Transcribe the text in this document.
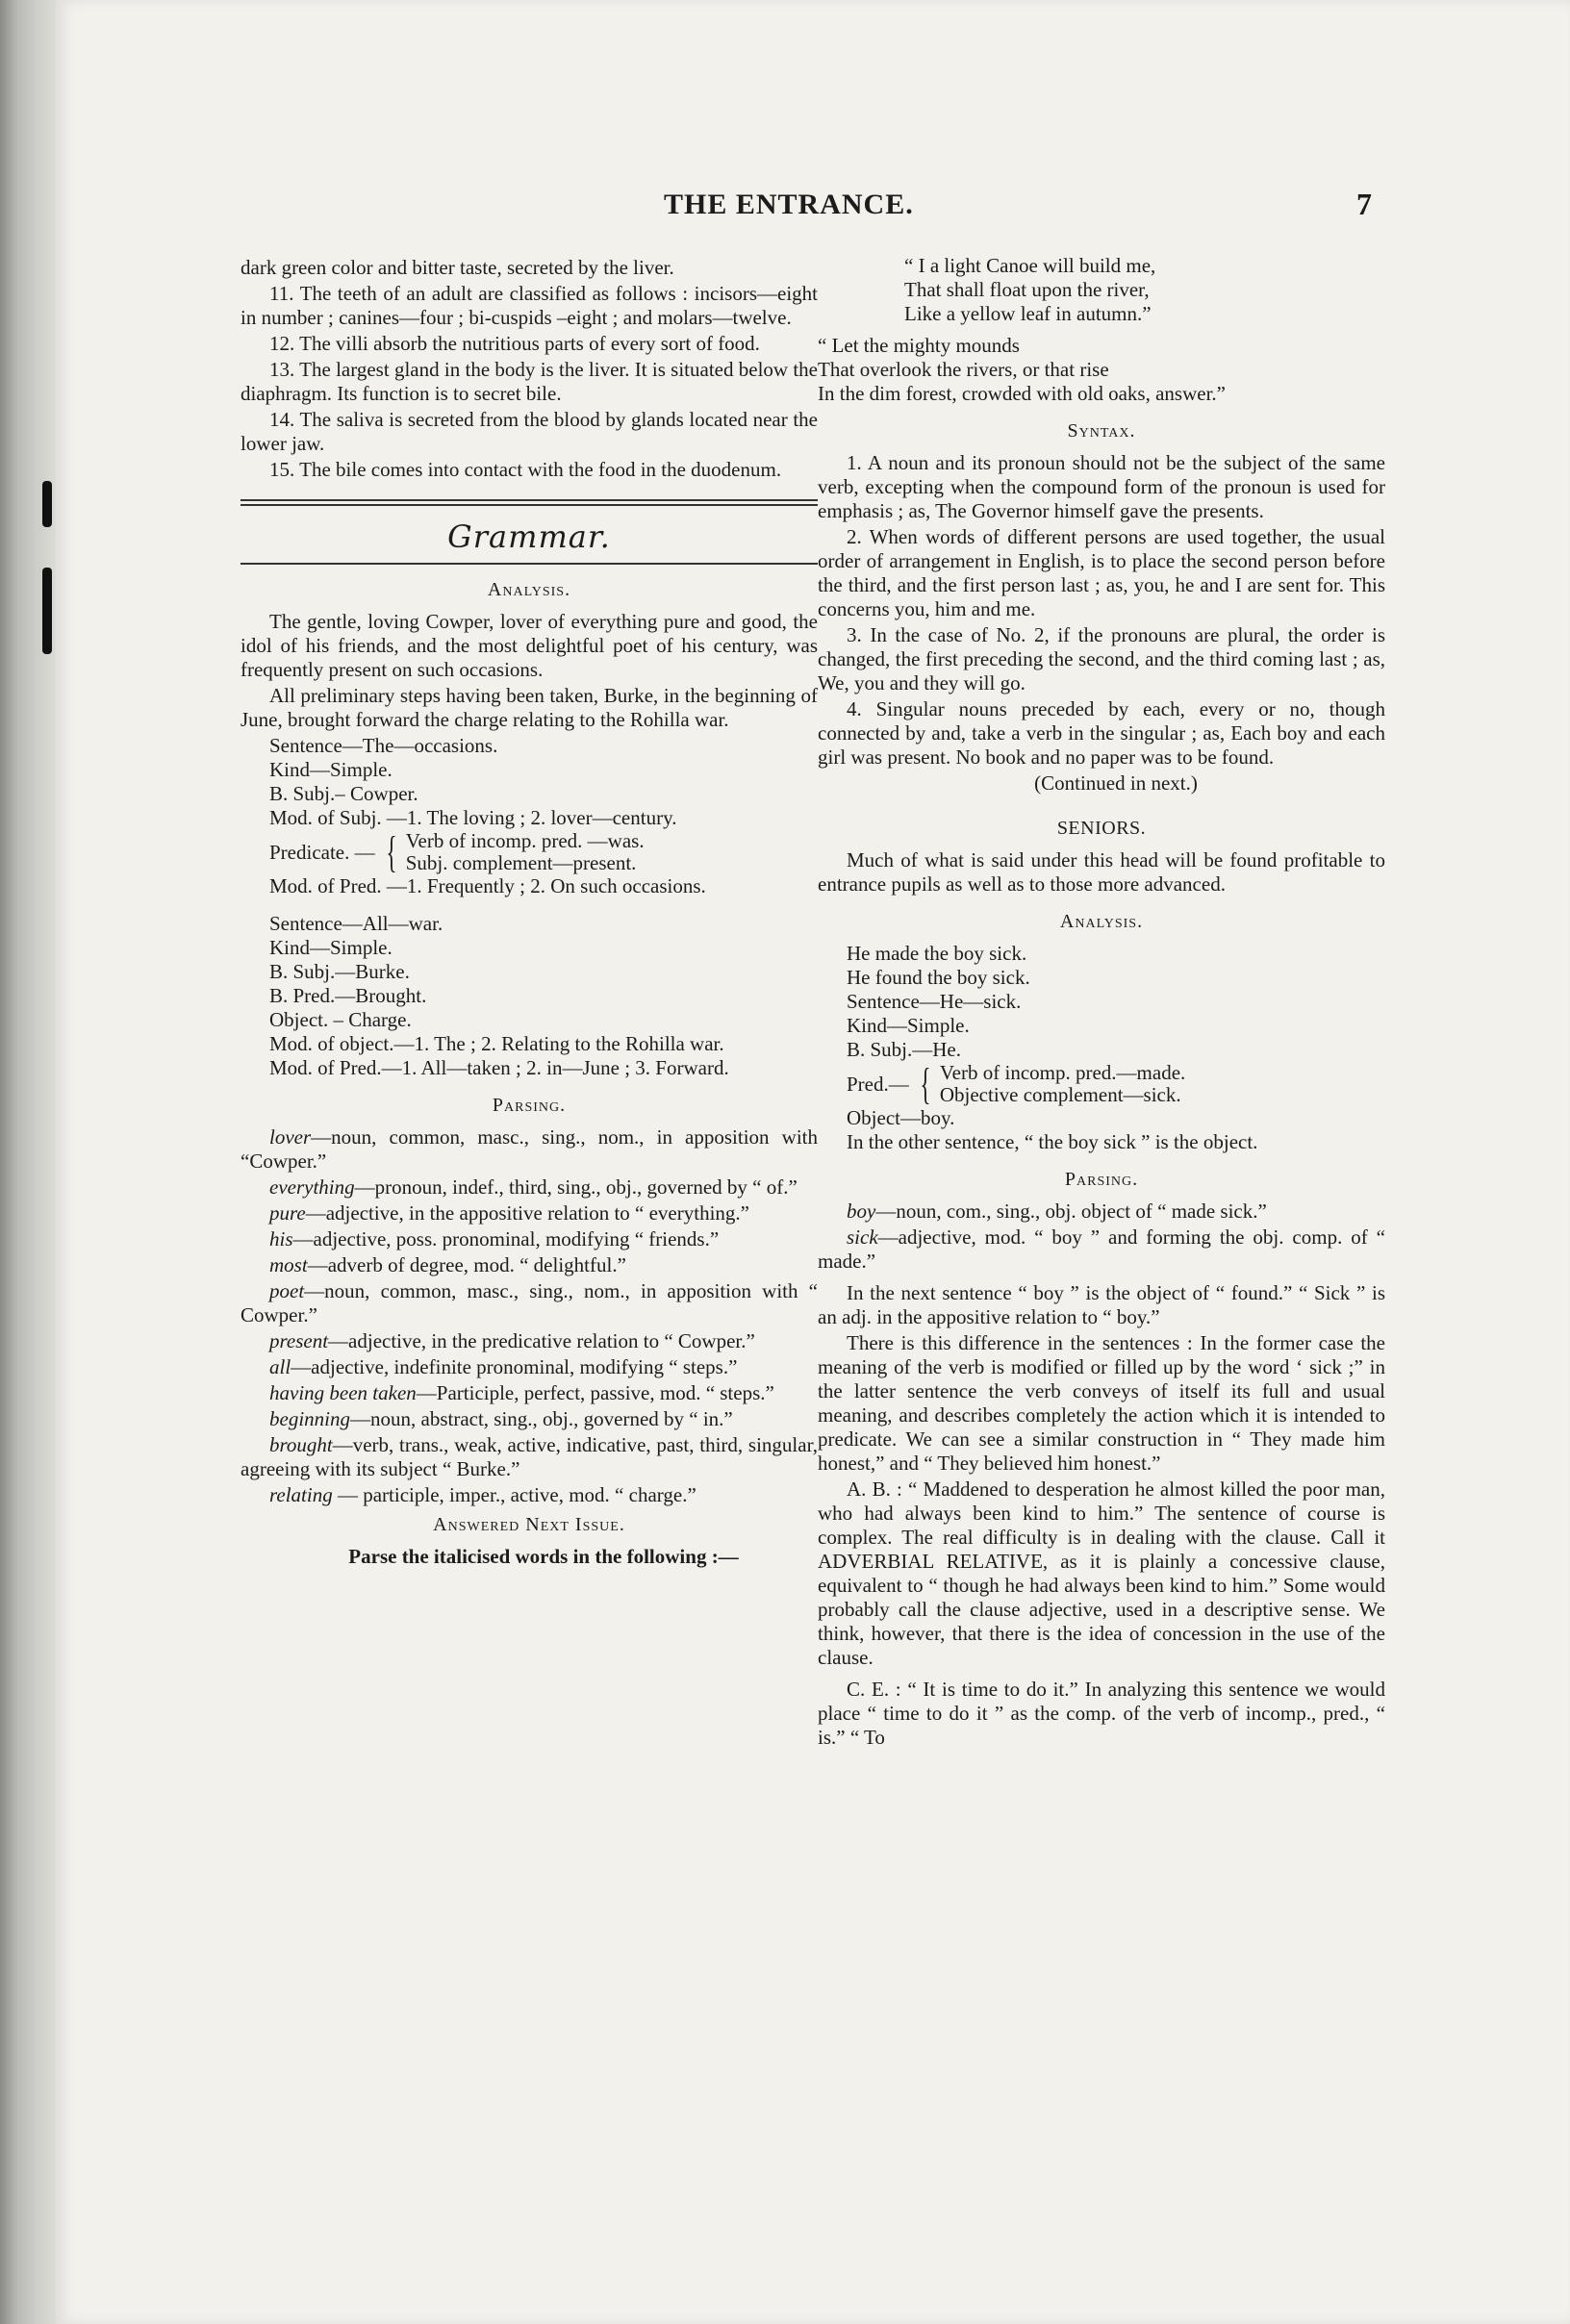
THE ENTRANCE.	7

dark green color and bitter taste, secreted by the liver.

11. The teeth of an adult are classified as follows : incisors—eight in number ; canines—four ; bi-cuspids –eight ; and molars—twelve.

12. The villi absorb the nutritious parts of every sort of food.

13. The largest gland in the body is the liver. It is situated below the diaphragm. Its function is to secret bile.

14. The saliva is secreted from the blood by glands located near the lower jaw.

15. The bile comes into contact with the food in the duodenum.

Grammar.
Analysis.

The gentle, loving Cowper, lover of everything pure and good, the idol of his friends, and the most delightful poet of his century, was frequently present on such occasions.

All preliminary steps having been taken, Burke, in the beginning of June, brought forward the charge relating to the Rohilla war.

Sentence—The—occasions.
Kind—Simple.
B. Subj.– Cowper.
Mod. of Subj. —1. The loving ; 2. lover—century.
Predicate. — { Verb of incomp. pred. —was.
Subj. complement—present.
Mod. of Pred. —1. Frequently ; 2. On such occasions.
Sentence—All—war.
Kind—Simple.
B. Subj.—Burke.
B. Pred.—Brought.
Object. – Charge.
Mod. of object.—1. The ; 2. Relating to the Rohilla war.
Mod. of Pred.—1. All—taken ; 2. in—June ; 3. Forward.
Parsing.

lover—noun, common, masc., sing., nom., in apposition with “Cowper.”

everything—pronoun, indef., third, sing., obj., governed by “ of.”

pure—adjective, in the appositive relation to “ everything.”

his—adjective, poss. pronominal, modifying “ friends.”

most—adverb of degree, mod. “ delightful.”

poet—noun, common, masc., sing., nom., in apposition with “ Cowper.”

present—adjective, in the predicative relation to “ Cowper.”

all—adjective, indefinite pronominal, modifying “ steps.”

having been taken—Participle, perfect, passive, mod. “ steps.”

beginning—noun, abstract, sing., obj., governed by “ in.”

brought—verb, trans., weak, active, indicative, past, third, singular, agreeing with its subject “ Burke.”

relating — participle, imper., active, mod. “ charge.”

Answered Next Issue.

Parse the italicised words in the following :—

“ I a light Canoe will build me,
That shall float upon the river,
Like a yellow leaf in autumn.”
“ Let the mighty mounds
That overlook the rivers, or that rise
In the dim forest, crowded with old oaks, answer.”
Syntax.

1. A noun and its pronoun should not be the subject of the same verb, excepting when the compound form of the pronoun is used for emphasis ; as, The Governor himself gave the presents.

2. When words of different persons are used together, the usual order of arrangement in English, is to place the second person before the third, and the first person last ; as, you, he and I are sent for. This concerns you, him and me.

3. In the case of No. 2, if the pronouns are plural, the order is changed, the first preceding the second, and the third coming last ; as, We, you and they will go.

4. Singular nouns preceded by each, every or no, though connected by and, take a verb in the singular ; as, Each boy and each girl was present. No book and no paper was to be found.

(Continued in next.)

SENIORS.

Much of what is said under this head will be found profitable to entrance pupils as well as to those more advanced.

Analysis.
He made the boy sick.
He found the boy sick.
Sentence—He—sick.
Kind—Simple.
B. Subj.—He.
Pred.— { Verb of incomp. pred.—made.
Objective complement—sick.
Object—boy.

In the other sentence, “ the boy sick ” is the object.

Parsing.

boy—noun, com., sing., obj. object of “ made sick.”

sick—adjective, mod. “ boy ” and forming the obj. comp. of “ made.”

In the next sentence “ boy ” is the object of “ found.” “ Sick ” is an adj. in the appositive relation to “ boy.”

There is this difference in the sentences : In the former case the meaning of the verb is modified or filled up by the word ‘ sick ;” in the latter sentence the verb conveys of itself its full and usual meaning, and describes completely the action which it is intended to predicate. We can see a similar construction in “ They made him honest,” and “ They believed him honest.”

A. B. : “ Maddened to desperation he almost killed the poor man, who had always been kind to him.” The sentence of course is complex. The real difficulty is in dealing with the clause. Call it ADVERBIAL RELATIVE, as it is plainly a concessive clause, equivalent to “ though he had always been kind to him.” Some would probably call the clause adjective, used in a descriptive sense. We think, however, that there is the idea of concession in the use of the clause.

C. E. : “ It is time to do it.” In analyzing this sentence we would place “ time to do it ” as the comp. of the verb of incomp., pred., “ is.” “ To
